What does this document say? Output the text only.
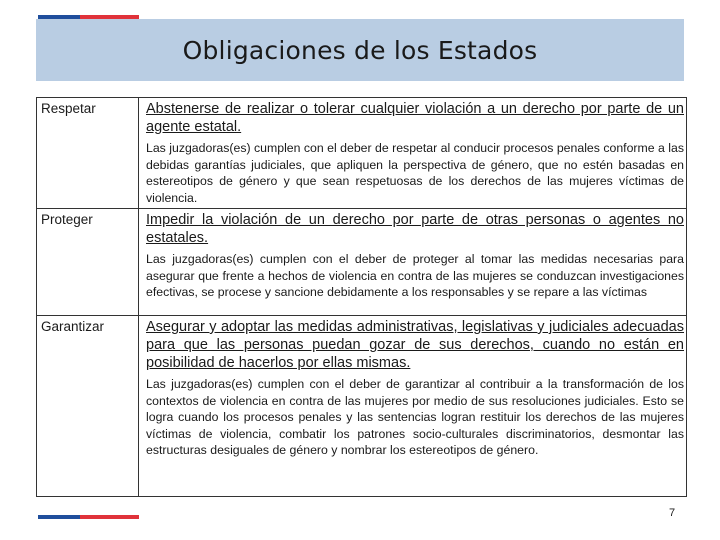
Obligaciones de los Estados
Respetar	Abstenerse de realizar o tolerar cualquier violación a un derecho por parte de un agente estatal.

Las juzgadoras(es) cumplen con el deber de respetar al conducir procesos penales conforme a las debidas garantías judiciales, que apliquen la perspectiva de género, que no estén basadas en estereotipos de género y que sean respetuosas de los derechos de las mujeres víctimas de violencia.

Proteger	Impedir la violación de un derecho por parte de otras personas o agentes no estatales.

Las juzgadoras(es) cumplen con el deber de proteger al tomar las medidas necesarias para asegurar que frente a hechos de violencia en contra de las mujeres se conduzcan investigaciones efectivas, se procese y sancione debidamente a los responsables y se repare a las víctimas

Garantizar	Asegurar y adoptar las medidas administrativas, legislativas y judiciales adecuadas para que las personas puedan gozar de sus derechos, cuando no están en posibilidad de hacerlos por ellas mismas.

Las juzgadoras(es) cumplen con el deber de garantizar al contribuir a la transformación de los contextos de violencia en contra de las mujeres por medio de sus resoluciones judiciales. Esto se logra cuando los procesos penales y las sentencias logran restituir los derechos de las mujeres víctimas de violencia, combatir los patrones socio-culturales discriminatorios, desmontar las estructuras desiguales de género y nombrar los estereotipos de género.

7
